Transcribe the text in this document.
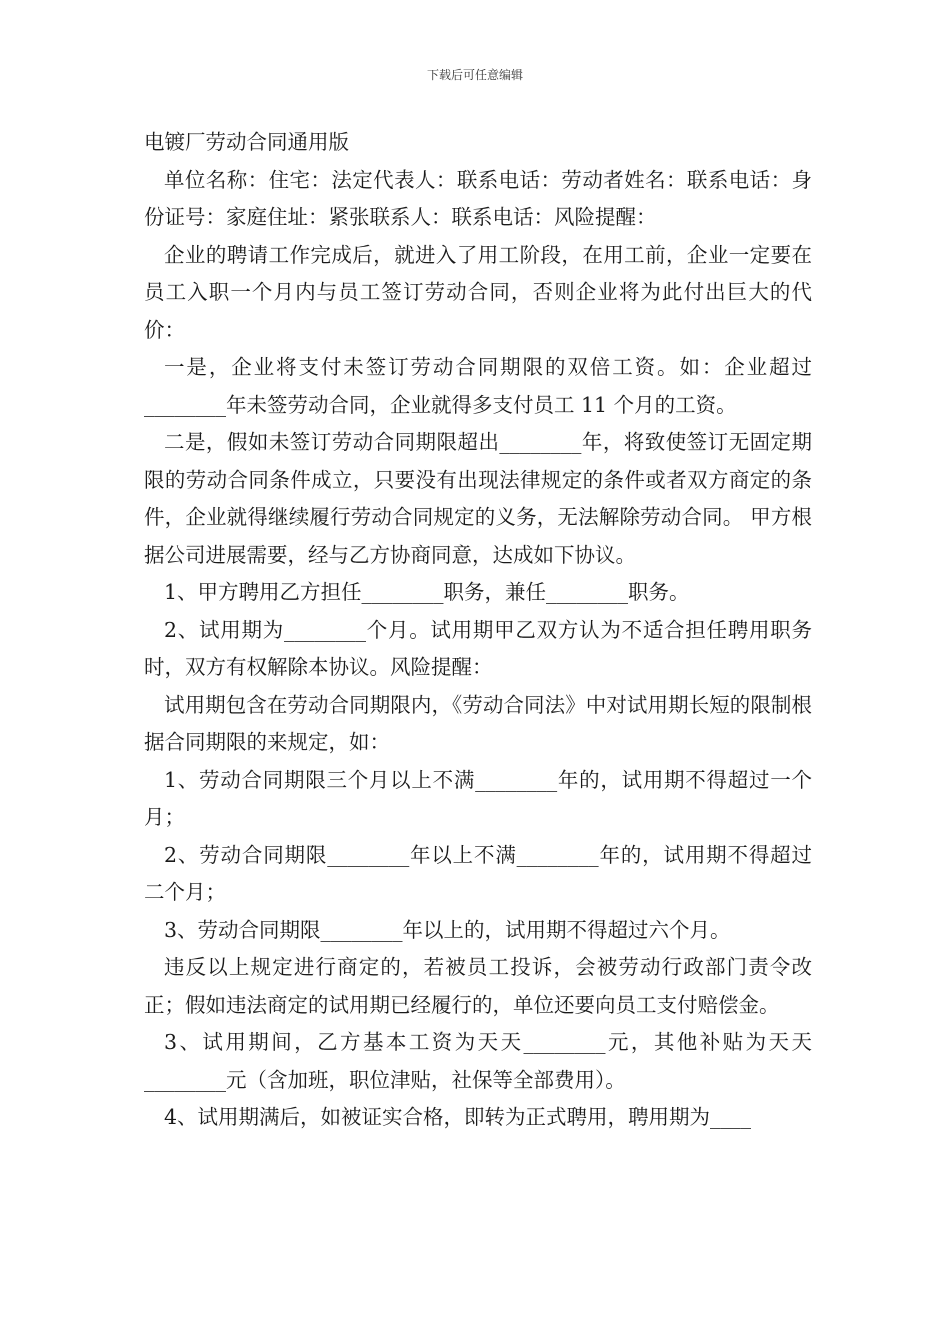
下载后可任意编辑

电镀厂劳动合同通用版

单位名称：住宅：法定代表人：联系电话：劳动者姓名：联系电话：身份证号：家庭住址：紧张联系人：联系电话：风险提醒：

企业的聘请工作完成后，就进入了用工阶段，在用工前，企业一定要在员工入职一个月内与员工签订劳动合同，否则企业将为此付出巨大的代价：

一是，企业将支付未签订劳动合同期限的双倍工资。如：企业超过________年未签劳动合同，企业就得多支付员工 11 个月的工资。

二是，假如未签订劳动合同期限超出________年，将致使签订无固定期限的劳动合同条件成立，只要没有出现法律规定的条件或者双方商定的条件，企业就得继续履行劳动合同规定的义务，无法解除劳动合同。 甲方根据公司进展需要，经与乙方协商同意，达成如下协议。

1、甲方聘用乙方担任________职务，兼任________职务。

2、试用期为________个月。试用期甲乙双方认为不适合担任聘用职务时，双方有权解除本协议。风险提醒：

试用期包含在劳动合同期限内，《劳动合同法》中对试用期长短的限制根据合同期限的来规定，如：

1、劳动合同期限三个月以上不满________年的，试用期不得超过一个月；

2、劳动合同期限________年以上不满________年的，试用期不得超过二个月；

3、劳动合同期限________年以上的，试用期不得超过六个月。

违反以上规定进行商定的，若被员工投诉，会被劳动行政部门责令改正；假如违法商定的试用期已经履行的，单位还要向员工支付赔偿金。

3、试用期间，乙方基本工资为天天________元，其他补贴为天天________元（含加班，职位津贴，社保等全部费用）。

4、试用期满后，如被证实合格，即转为正式聘用，聘用期为____
